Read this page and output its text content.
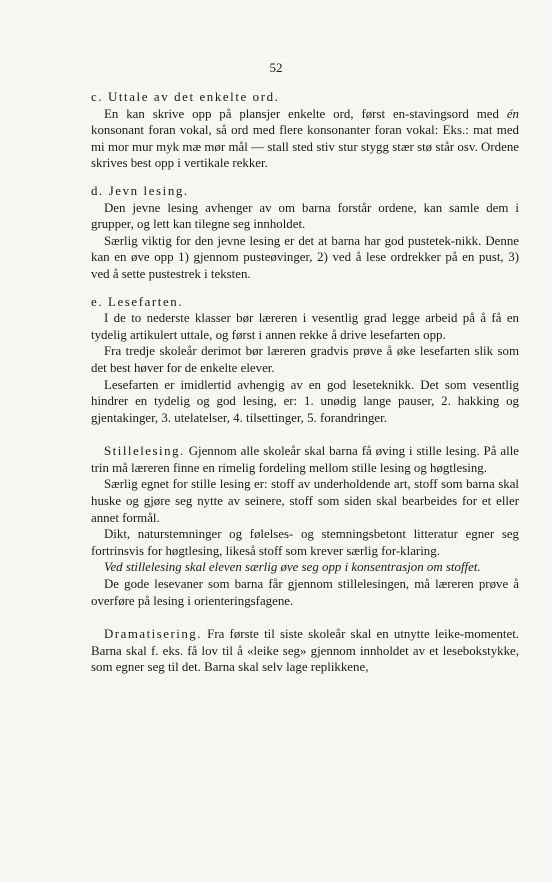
52

c. Uttale av det enkelte ord.

En kan skrive opp på plansjer enkelte ord, først en-stavingsord med én konsonant foran vokal, så ord med flere konsonanter foran vokal: Eks.: mat med mi mor mur myk mæ mør mål — stall sted stiv stur stygg stær stø står osv. Ordene skrives best opp i vertikale rekker.

d. Jevn lesing.

Den jevne lesing avhenger av om barna forstår ordene, kan samle dem i grupper, og lett kan tilegne seg innholdet.

Særlig viktig for den jevne lesing er det at barna har god pustetek-nikk. Denne kan en øve opp 1) gjennom pusteøvinger, 2) ved å lese ordrekker på en pust, 3) ved å sette pustestrek i teksten.

e. Lesefarten.

I de to nederste klasser bør læreren i vesentlig grad legge arbeid på å få en tydelig artikulert uttale, og først i annen rekke å drive lesefarten opp.

Fra tredje skoleår derimot bør læreren gradvis prøve å øke lesefarten slik som det best høver for de enkelte elever.

Lesefarten er imidlertid avhengig av en god leseteknikk. Det som vesentlig hindrer en tydelig og god lesing, er: 1. unødig lange pauser, 2. hakking og gjentakinger, 3. utelatelser, 4. tilsettinger, 5. forandringer.

Stillelesing. Gjennom alle skoleår skal barna få øving i stille lesing. På alle trin må læreren finne en rimelig fordeling mellom stille lesing og høgtlesing.

Særlig egnet for stille lesing er: stoff av underholdende art, stoff som barna skal huske og gjøre seg nytte av seinere, stoff som siden skal bearbeides for et eller annet formål.

Dikt, naturstemninger og følelses- og stemningsbetont litteratur egner seg fortrinsvis for høgtlesing, likeså stoff som krever særlig for-klaring.

Ved stillelesing skal eleven særlig øve seg opp i konsentrasjon om stoffet.

De gode lesevaner som barna får gjennom stillelesingen, må læreren prøve å overføre på lesing i orienteringsfagene.

Dramatisering. Fra første til siste skoleår skal en utnytte leike-momentet. Barna skal f. eks. få lov til å «leike seg» gjennom innholdet av et lesebokstykke, som egner seg til det. Barna skal selv lage replikkene,
